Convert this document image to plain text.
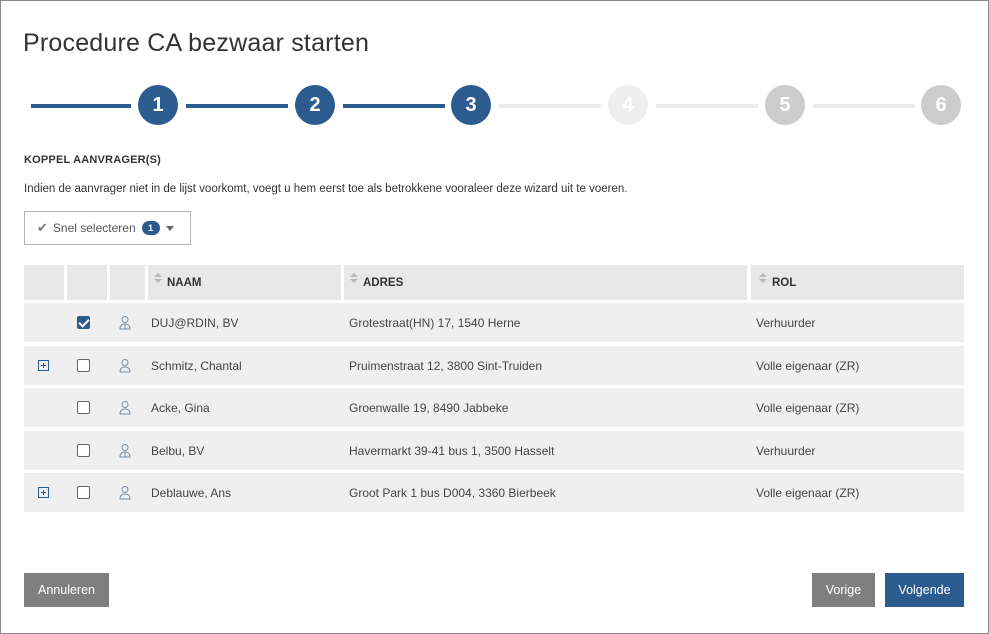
Procedure CA bezwaar starten
1	2	3	4	5	6
KOPPEL AANVRAGER(S)
Indien de aanvrager niet in de lijst voorkomt, voegt u hem eerst toe als betrokkene vooraleer deze wizard uit te voeren.
✔ Snel selecteren	1
NAAM	ADRES	ROL
DUJ@RDIN, BV	Grotestraat(HN) 17, 1540 Herne	Verhuurder
Schmitz, Chantal	Pruimenstraat 12, 3800 Sint-Truiden	Volle eigenaar (ZR)
Acke, Gina	Groenwalle 19, 8490 Jabbeke	Volle eigenaar (ZR)
Belbu, BV	Havermarkt 39-41 bus 1, 3500 Hasselt	Verhuurder
Deblauwe, Ans	Groot Park 1 bus D004, 3360 Bierbeek	Volle eigenaar (ZR)
Annuleren	Vorige	Volgende
